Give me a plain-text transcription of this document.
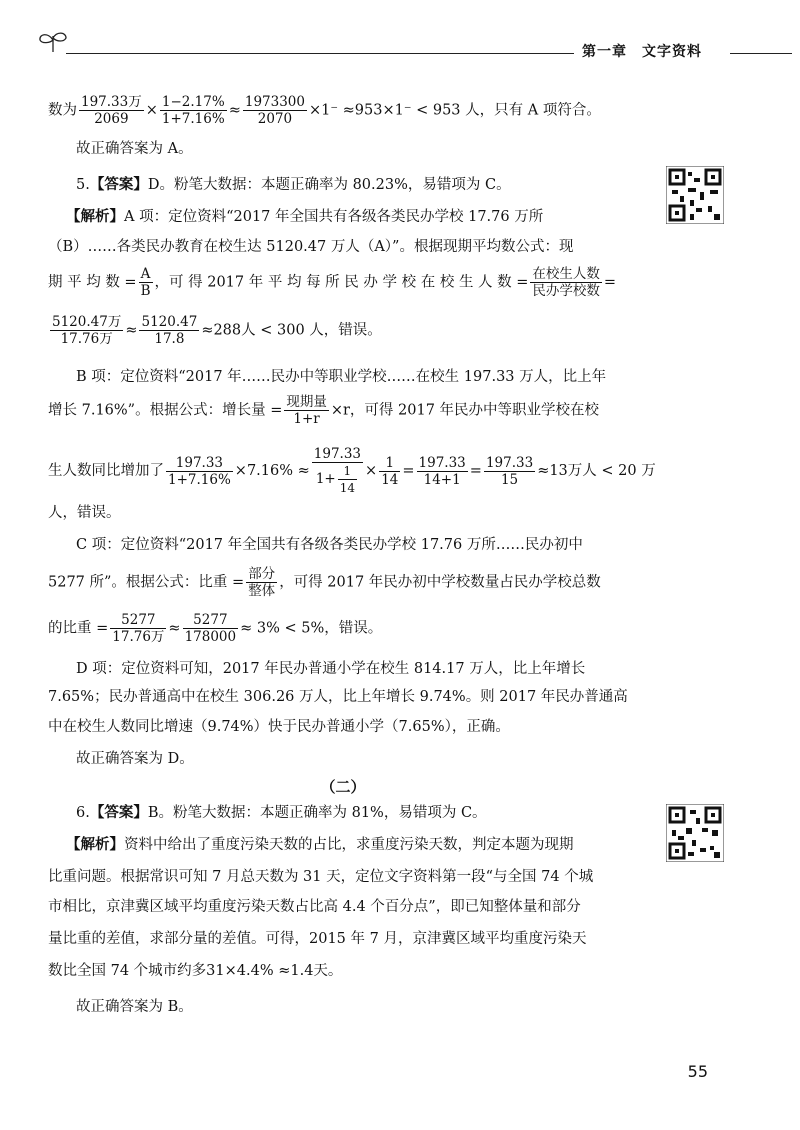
第一章　文字资料
数为 $\frac{\text{197.33万}}{2069} \times \frac{1-2.17\%}{1+7.16\%} \approx \frac{1973300}{2070} \times 1^- \approx 953\times 1^- < 953$ 人，只有 A 项符合。
故正确答案为 A。
5.【答案】D。粉笔大数据：本题正确率为 80.23%，易错项为 C。
【解析】A 项：定位资料“2017 年全国共有各级各类民办学校 17.76 万所
（B）……各类民办教育在校生达 5120.47 万人（A）”。根据现期平均数公式：现
期 平 均 数 = $\frac{A}{B}$ ，可 得 2017 年 平 均 每 所 民 办 学 校 在 校 生 人 数 = $\frac{\text{在校生人数}}{\text{民办学校数}}$ =
$\frac{\text{5120.47万}}{\text{17.76万}} \approx \frac{5120.47}{17.8} \approx 288$人 < 300 人，错误。
B 项：定位资料“2017 年……民办中等职业学校……在校生 197.33 万人，比上年
增长 7.16%”。根据公式：增长量 = $\frac{\text{现期量}}{1+r} \times r$，可得 2017 年民办中等职业学校在校
生人数同比增加了 $\frac{197.33}{1+7.16\%} \times 7.16\% \approx \frac{197.33}{1+ \frac{1}{14}} \times \frac{1}{14} = \frac{197.33}{14+1} = \frac{197.33}{15} \approx 13$万人 < 20 万
人，错误。
C 项：定位资料“2017 年全国共有各级各类民办学校 17.76 万所……民办初中
5277 所”。根据公式：比重 = $\frac{\text{部分}}{\text{整体}}$ ，可得 2017 年民办初中学校数量占民办学校总数
的比重 = $\frac{5277}{\text{17.76万}} \approx \frac{5277}{178000} \approx 3\% < 5\%$，错误。
D 项：定位资料可知，2017 年民办普通小学在校生 814.17 万人，比上年增长
7.65%；民办普通高中在校生 306.26 万人，比上年增长 9.74%。则 2017 年民办普通高
中在校生人数同比增速（9.74%）快于民办普通小学（7.65%），正确。
故正确答案为 D。
（二）
6.【答案】B。粉笔大数据：本题正确率为 81%，易错项为 C。
【解析】资料中给出了重度污染天数的占比，求重度污染天数，判定本题为现期
比重问题。根据常识可知 7 月总天数为 31 天，定位文字资料第一段“与全国 74 个城
市相比，京津冀区域平均重度污染天数占比高 4.4 个百分点”，即已知整体量和部分
量比重的差值，求部分量的差值。可得，2015 年 7 月，京津冀区域平均重度污染天
数比全国 74 个城市约多31×4.4% ≈1.4天。
故正确答案为 B。
55
